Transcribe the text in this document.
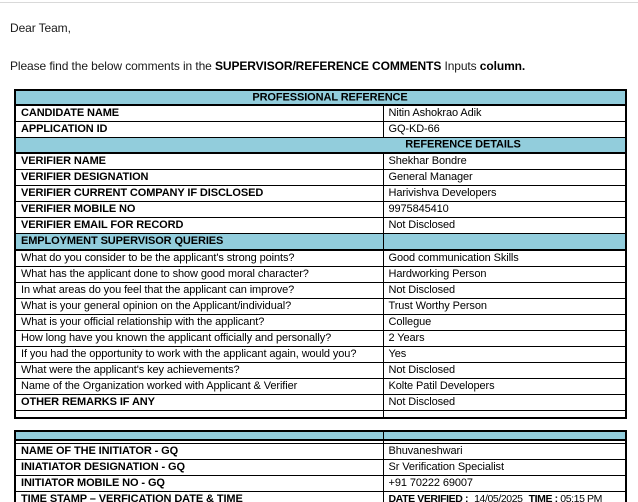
Dear Team,

Please find the below comments in the SUPERVISOR/REFERENCE COMMENTS Inputs column.

PROFESSIONAL REFERENCE	

CANDIDATE NAME	Nitin Ashokrao Adik
APPLICATION ID	GQ-KD-66

REFERENCE DETAILS	

VERIFIER NAME	Shekhar Bondre
VERIFIER DESIGNATION	General Manager
VERIFIER CURRENT COMPANY IF DISCLOSED	Harivishva Developers
VERIFIER MOBILE NO	9975845410
VERIFIER EMAIL FOR RECORD	Not Disclosed
EMPLOYMENT SUPERVISOR QUERIES	
What do you consider to be the applicant's strong points?	Good communication Skills
What has the applicant done to show good moral character?	Hardworking Person
In what areas do you feel that the applicant can improve?	Not Disclosed
What is your general opinion on the Applicant/individual?	Trust Worthy Person
What is your official relationship with the applicant?	Collegue
How long have you known the applicant officially and personally?	2 Years
If you had the opportunity to work with the applicant again, would you?	Yes
What were the applicant's key achievements?	Not Disclosed
Name of the Organization worked with Applicant & Verifier	Kolte Patil Developers
OTHER REMARKS IF ANY	Not Disclosed

NAME OF THE INITIATOR - GQ	Bhuvaneshwari
INIATIATOR DESIGNATION - GQ	Sr Verification Specialist
INITIATOR MOBILE NO - GQ	+91 70222 69007
TIME STAMP – VERFICATION DATE & TIME	DATE VERIFIED : 14/05/2025 TIME : 05:15 PM
